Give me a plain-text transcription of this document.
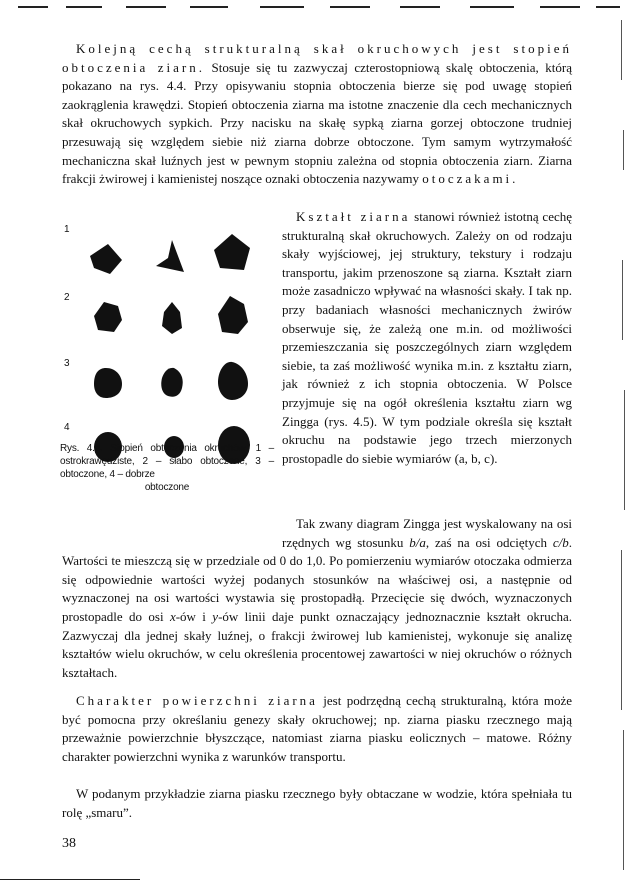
Kolejną cechą strukturalną skał okruchowych jest stopień obtoczenia ziarn. Stosuje się tu zazwyczaj czterostopniową skalę obtoczenia, którą pokazano na rys. 4.4. Przy opisywaniu stopnia obtoczenia bierze się pod uwagę stopień zaokrąglenia krawędzi. Stopień obtoczenia ziarna ma istotne znaczenie dla cech mechanicznych skał okruchowych sypkich. Przy nacisku na skałę sypką ziarna gorzej obtoczone trudniej przesuwają się względem siebie niż ziarna dobrze obtoczone. Tym samym wytrzymałość mechaniczna skał luźnych jest w pewnym stopniu zależna od stopnia obtoczenia ziarn. Ziarna frakcji żwirowej i kamienistej noszące oznaki obtoczenia nazywamy otoczakami.

1
2
3
4
Rys. 4.4. Stopień obtoczenia okruchów: 1 – ostrokrawędziste, 2 – słabo obtoczone, 3 – obtoczone, 4 – dobrze
obtoczone

Kształt ziarna stanowi również istotną cechę strukturalną skał okruchowych. Zależy on od rodzaju skały wyjściowej, jej struktury, tekstury i rodzaju transportu, jakim przenoszone są ziarna. Kształt ziarn może zasadniczo wpływać na własności skały. I tak np. przy badaniach własności mechanicznych żwirów obserwuje się, że zależą one m.in. od możliwości przemieszczania się poszczególnych ziarn względem siebie, ta zaś możliwość wynika m.in. z kształtu ziarn, jak również z ich stopnia obtoczenia. W Polsce przyjmuje się na ogół określenia kształtu ziarn wg Zingga (rys. 4.5). W tym podziale określa się kształt okruchu na podstawie jego trzech mierzonych prostopadle do siebie wymiarów (a, b, c).

Tak zwany diagram Zingga jest wyskalowany na osi rzędnych wg stosunku b/a, zaś na osi odciętych c/b.

Wartości te mieszczą się w przedziale od 0 do 1,0. Po pomierzeniu wymiarów otoczaka odmierza się odpowiednie wartości wyżej podanych stosunków na właściwej osi, a następnie od wyznaczonej na osi wartości wystawia się prostopadłą. Przecięcie się dwóch, wyznaczonych prostopadle do osi x-ów i y-ów linii daje punkt oznaczający jednoznacznie kształt okrucha. Zazwyczaj dla jednej skały luźnej, o frakcji żwirowej lub kamienistej, wykonuje się analizę kształtów wielu okruchów, w celu określenia procentowej zawartości w niej okruchów o różnych kształtach.

Charakter powierzchni ziarna jest podrzędną cechą strukturalną, która może być pomocna przy określaniu genezy skały okruchowej; np. ziarna piasku rzecznego mają przeważnie powierzchnie błyszczące, natomiast ziarna piasku eolicznych – matowe. Różny charakter powierzchni wynika z warunków transportu.

W podanym przykładzie ziarna piasku rzecznego były obtaczane w wodzie, która spełniała tu rolę „smaru”.

38
